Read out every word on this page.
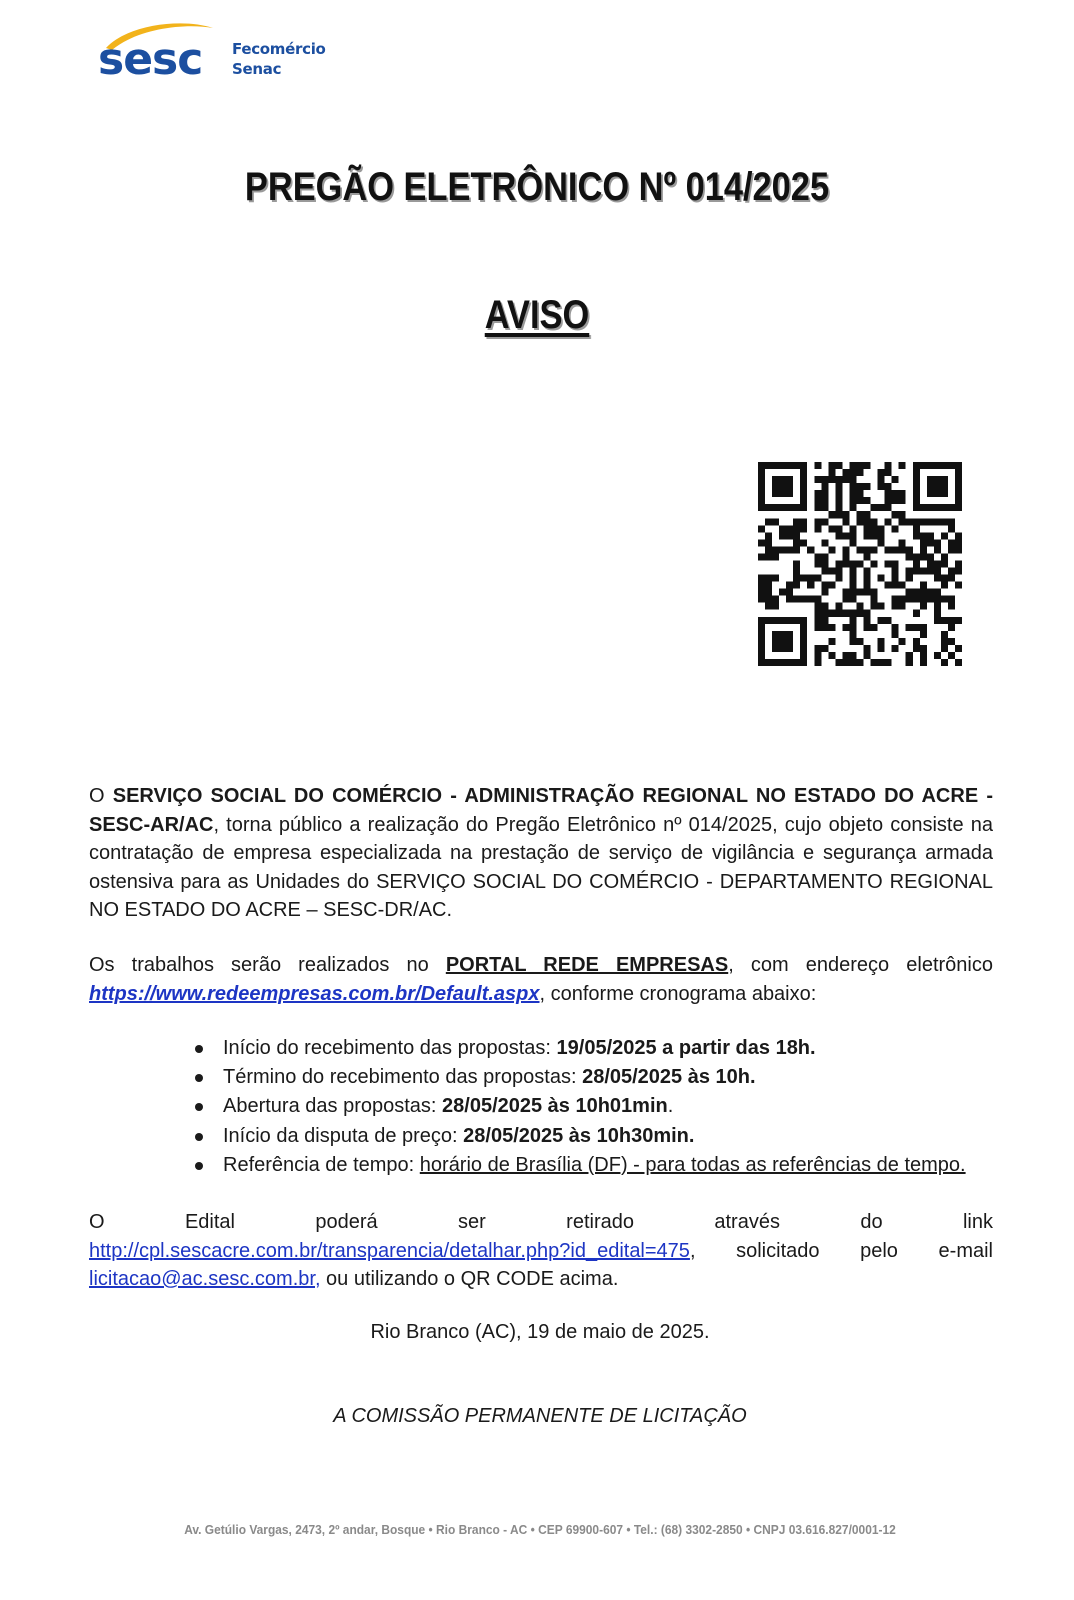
sesc Fecomércio
Senac
PREGÃO ELETRÔNICO Nº 014/2025
AVISO
O SERVIÇO SOCIAL DO COMÉRCIO - ADMINISTRAÇÃO REGIONAL NO ESTADO DO ACRE - SESC-AR/AC, torna público a realização do Pregão Eletrônico nº 014/2025, cujo objeto consiste na contratação de empresa especializada na prestação de serviço de vigilância e segurança armada ostensiva para as Unidades do SERVIÇO SOCIAL DO COMÉRCIO - DEPARTAMENTO REGIONAL NO ESTADO DO ACRE – SESC-DR/AC.
Os trabalhos serão realizados no PORTAL REDE EMPRESAS, com endereço eletrônico https://www.redeempresas.com.br/Default.aspx, conforme cronograma abaixo:
Início do recebimento das propostas: 19/05/2025 a partir das 18h.
Término do recebimento das propostas: 28/05/2025 às 10h.
Abertura das propostas: 28/05/2025 às 10h01min.
Início da disputa de preço: 28/05/2025 às 10h30min.
Referência de tempo: horário de Brasília (DF) - para todas as referências de tempo.
O	Edital	poderá	ser	retirado	através	do	link
http://cpl.sescacre.com.br/transparencia/detalhar.php?id_edital=475, solicitado pelo e-mail
licitacao@ac.sesc.com.br, ou utilizando o QR CODE acima.
Rio Branco (AC), 19 de maio de 2025.
A COMISSÃO PERMANENTE DE LICITAÇÃO
Av. Getúlio Vargas, 2473, 2º andar, Bosque • Rio Branco - AC • CEP 69900-607 • Tel.: (68) 3302-2850 • CNPJ 03.616.827/0001-12
